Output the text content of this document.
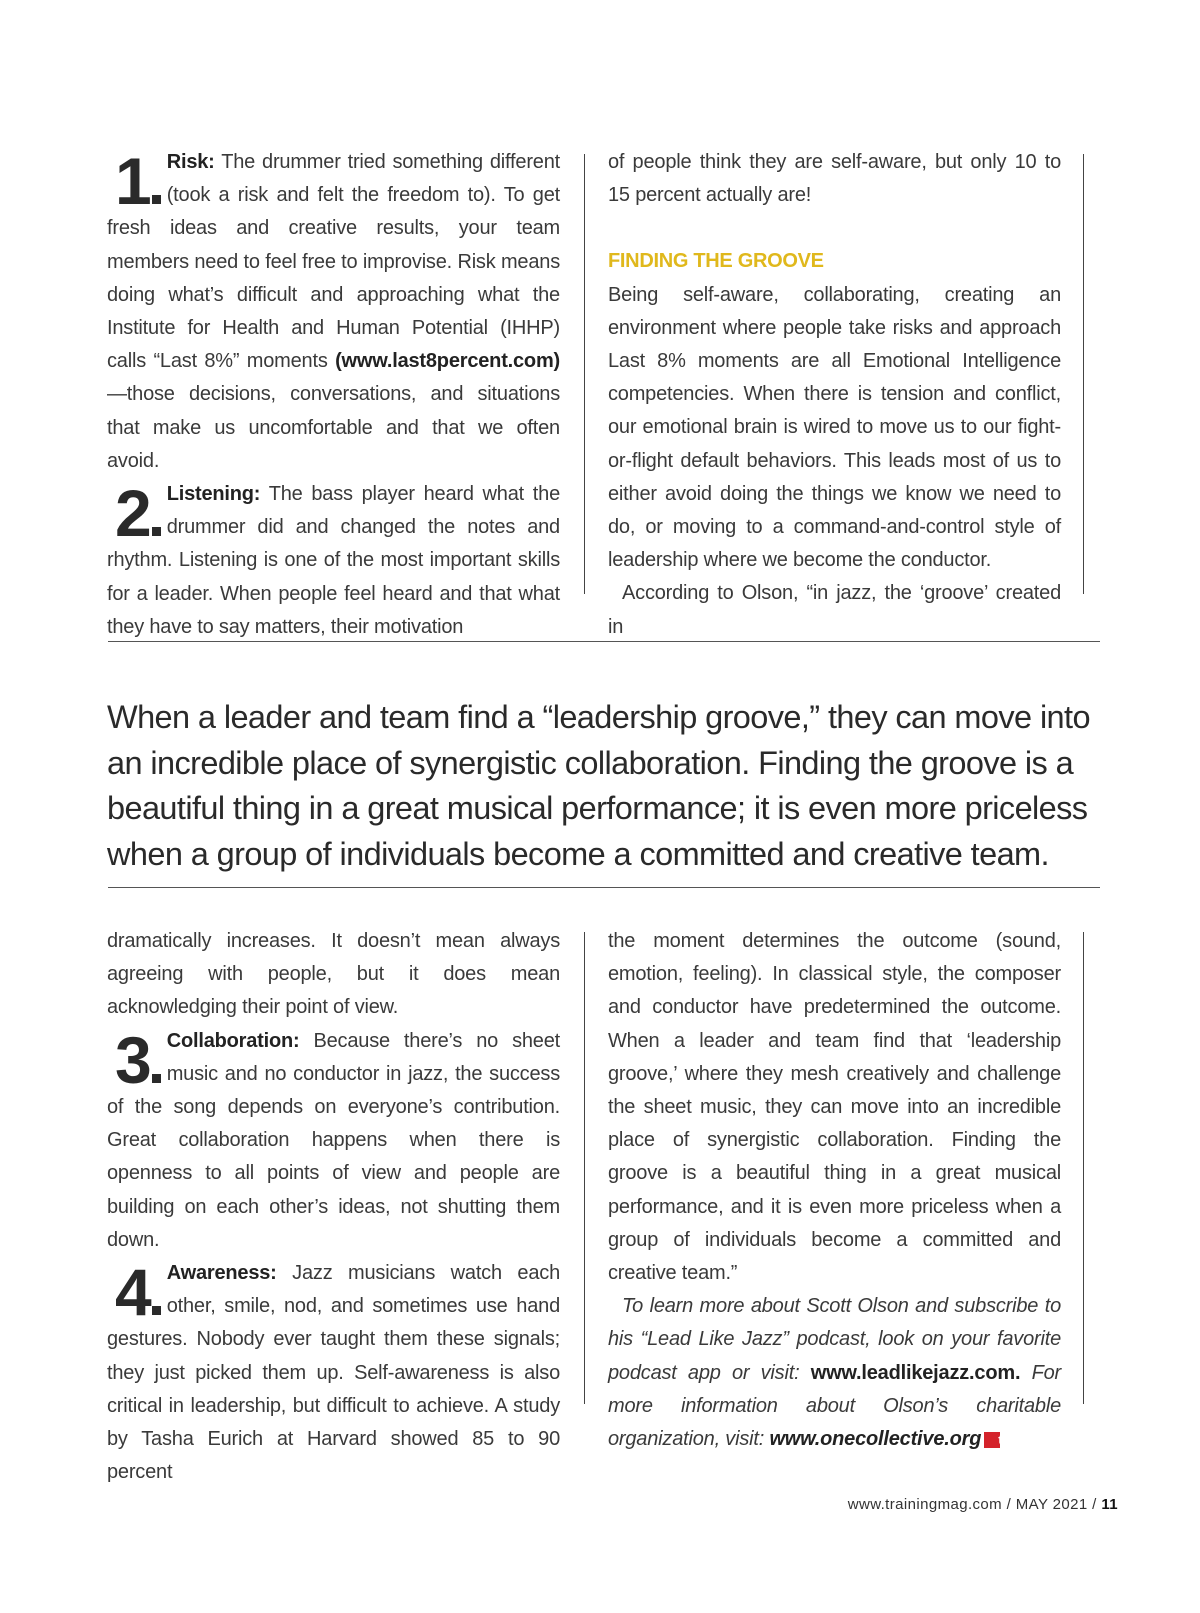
1 Risk: The drummer tried something different (took a risk and felt the freedom to). To get fresh ideas and creative results, your team members need to feel free to improvise. Risk means doing what’s difficult and approaching what the Institute for Health and Human Potential (IHHP) calls “Last 8%” moments (www.last8percent.com)—those decisions, conversations, and situations that make us uncomfortable and that we often avoid.

2 Listening: The bass player heard what the drummer did and changed the notes and rhythm. Listening is one of the most important skills for a leader. When people feel heard and that what they have to say matters, their motivation

of people think they are self-aware, but only 10 to 15 percent actually are!

FINDING THE GROOVE

Being self-aware, collaborating, creating an environment where people take risks and approach Last 8% moments are all Emotional Intelligence competencies. When there is tension and conflict, our emotional brain is wired to move us to our fight-or-flight default behaviors. This leads most of us to either avoid doing the things we know we need to do, or moving to a command-and-control style of leadership where we become the conductor.

According to Olson, “in jazz, the ‘groove’ created in

When a leader and team find a “leadership groove,” they can move into an incredible place of synergistic collaboration. Finding the groove is a beautiful thing in a great musical performance; it is even more priceless when a group of individuals become a committed and creative team.

dramatically increases. It doesn’t mean always agreeing with people, but it does mean acknowledging their point of view.

3 Collaboration: Because there’s no sheet music and no conductor in jazz, the success of the song depends on everyone’s contribution. Great collaboration happens when there is openness to all points of view and people are building on each other’s ideas, not shutting them down.

4 Awareness: Jazz musicians watch each other, smile, nod, and sometimes use hand gestures. Nobody ever taught them these signals; they just picked them up. Self-awareness is also critical in leadership, but difficult to achieve. A study by Tasha Eurich at Harvard showed 85 to 90 percent

the moment determines the outcome (sound, emotion, feeling). In classical style, the composer and conductor have predetermined the outcome. When a leader and team find that ‘leadership groove,’ where they mesh creatively and challenge the sheet music, they can move into an incredible place of synergistic collaboration. Finding the groove is a beautiful thing in a great musical performance, and it is even more priceless when a group of individuals become a committed and creative team.”

To learn more about Scott Olson and subscribe to his “Lead Like Jazz” podcast, look on your favorite podcast app or visit: www.leadlikejazz.com. For more information about Olson’s charitable organization, visit: www.onecollective.org t

www.trainingmag.com / MAY 2021 / 11
